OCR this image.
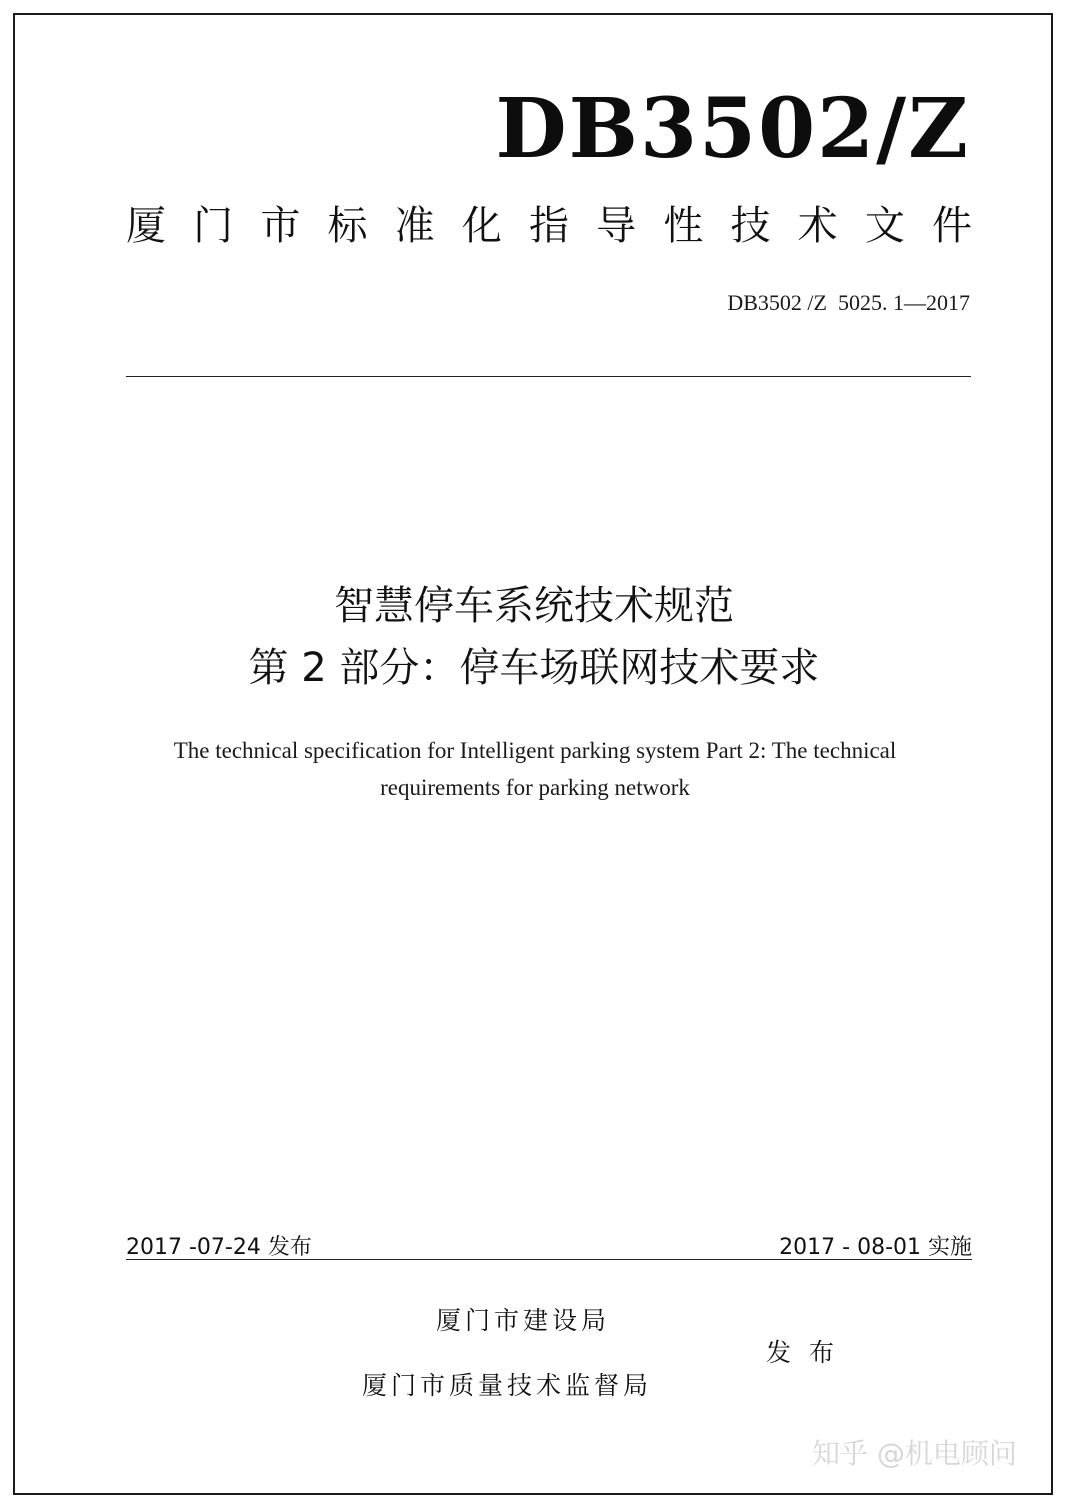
DB3502/Z
厦门市标准化指导性技术文件
DB3502 /Z  5025. 1—2017
智慧停车系统技术规范
第 2 部分：停车场联网技术要求
The technical specification for Intelligent parking system Part 2: The technical
requirements for parking network
2017 -07-24 发布	2017 - 08-01 实施
厦门市建设局
厦门市质量技术监督局
发布
知乎 @机电顾问
